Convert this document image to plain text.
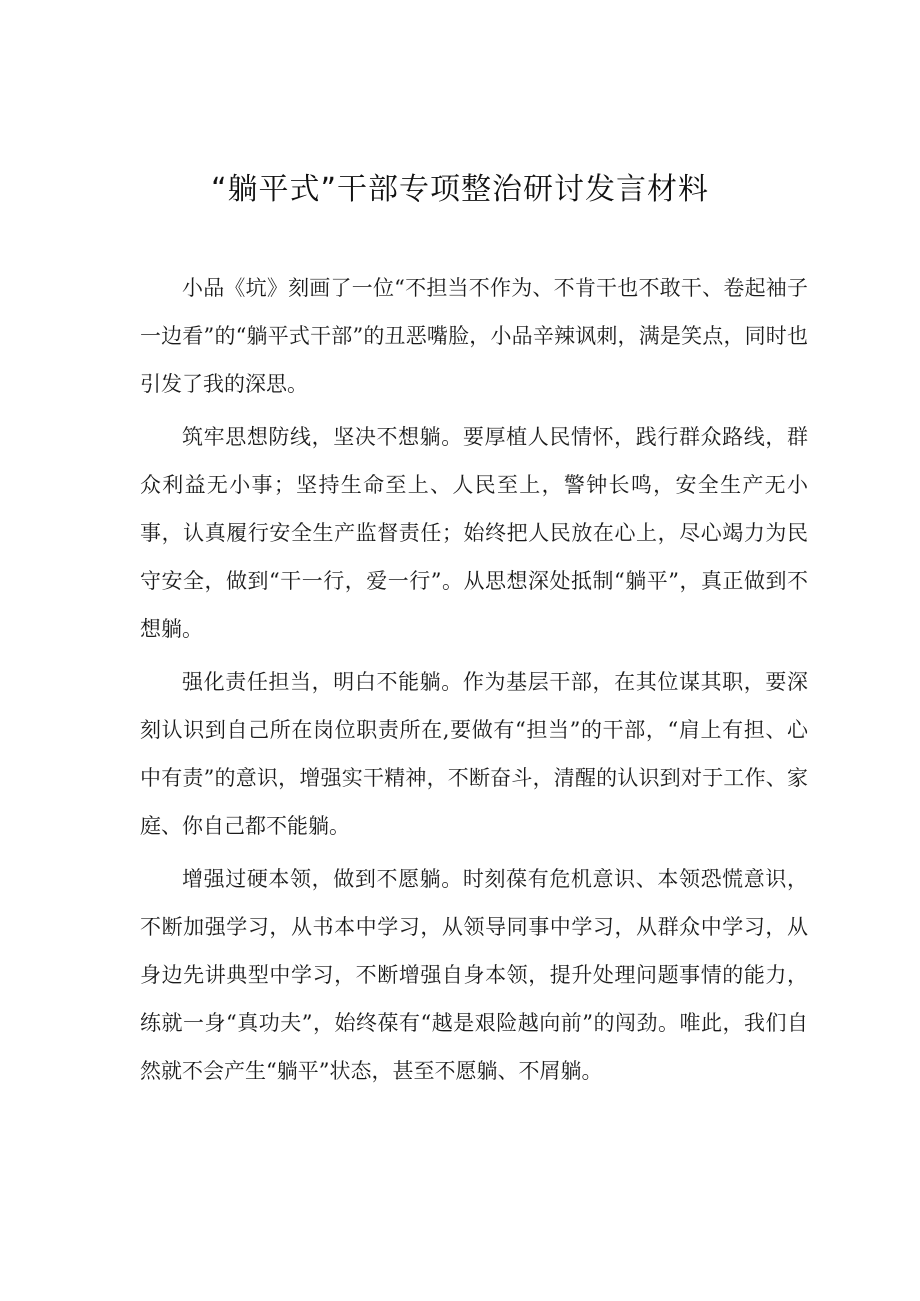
“躺平式”干部专项整治研讨发言材料

小品《坑》刻画了一位“不担当不作为、不肯干也不敢干、卷起袖子一边看”的“躺平式干部”的丑恶嘴脸，小品辛辣讽刺，满是笑点，同时也引发了我的深思。

筑牢思想防线，坚决不想躺。要厚植人民情怀，践行群众路线，群众利益无小事；坚持生命至上、人民至上，警钟长鸣，安全生产无小事，认真履行安全生产监督责任；始终把人民放在心上，尽心竭力为民守安全，做到“干一行，爱一行”。从思想深处抵制“躺平”，真正做到不想躺。

强化责任担当，明白不能躺。作为基层干部，在其位谋其职，要深刻认识到自己所在岗位职责所在,要做有“担当”的干部，“肩上有担、心中有责”的意识，增强实干精神，不断奋斗，清醒的认识到对于工作、家庭、你自己都不能躺。

增强过硬本领，做到不愿躺。时刻葆有危机意识、本领恐慌意识，不断加强学习，从书本中学习，从领导同事中学习，从群众中学习，从身边先讲典型中学习，不断增强自身本领，提升处理问题事情的能力，练就一身“真功夫”，始终葆有“越是艰险越向前”的闯劲。唯此，我们自然就不会产生“躺平”状态，甚至不愿躺、不屑躺。
